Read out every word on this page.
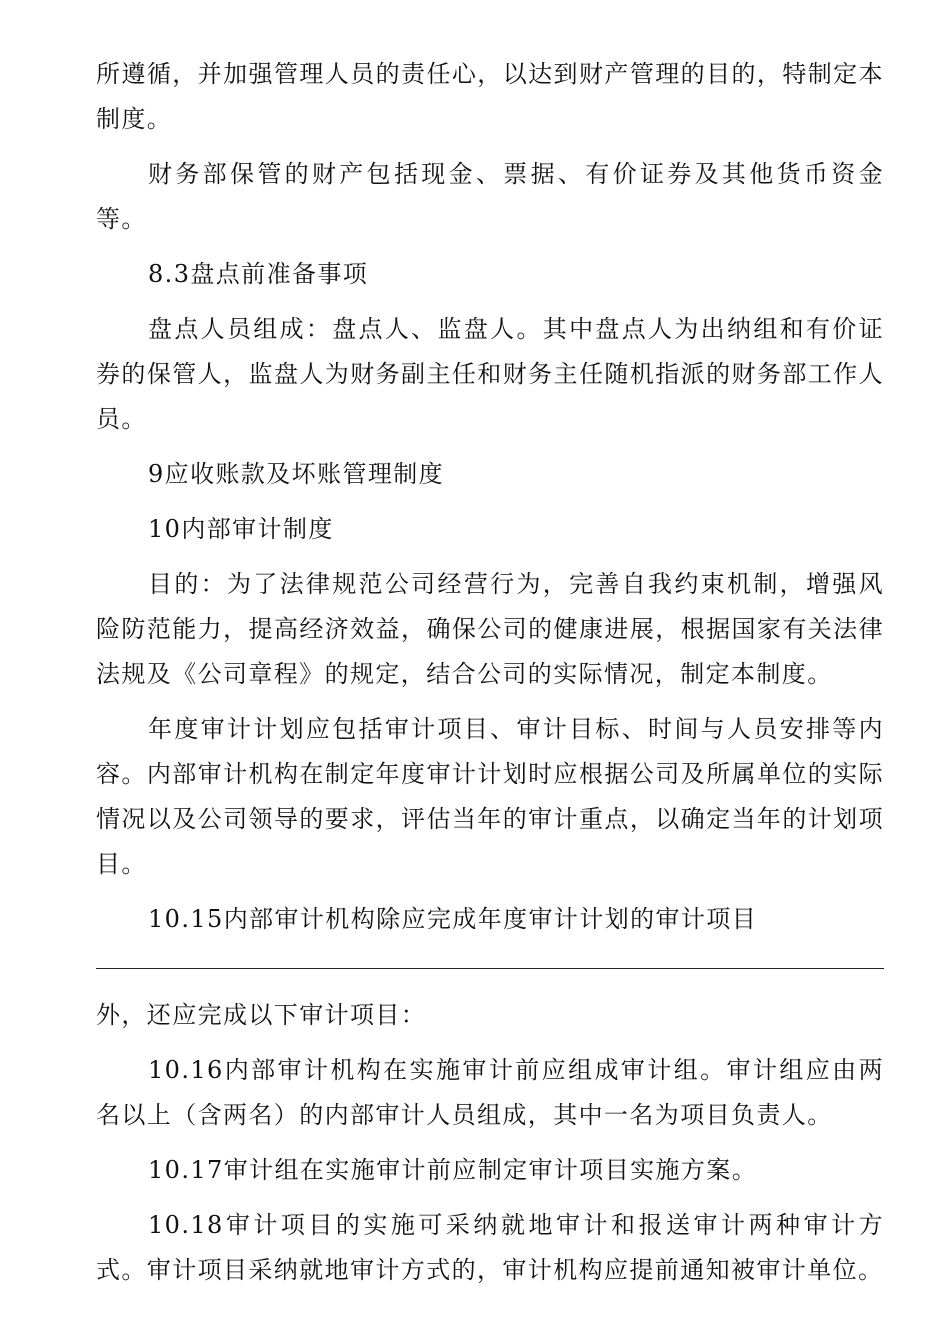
所遵循，并加强管理人员的责任心，以达到财产管理的目的，特制定本制度。

财务部保管的财产包括现金、票据、有价证券及其他货币资金等。

8.3盘点前准备事项

盘点人员组成：盘点人、监盘人。其中盘点人为出纳组和有价证券的保管人，监盘人为财务副主任和财务主任随机指派的财务部工作人员。

9应收账款及坏账管理制度

10内部审计制度

目的：为了法律规范公司经营行为，完善自我约束机制，增强风险防范能力，提高经济效益，确保公司的健康进展，根据国家有关法律法规及《公司章程》的规定，结合公司的实际情况，制定本制度。

年度审计计划应包括审计项目、审计目标、时间与人员安排等内容。内部审计机构在制定年度审计计划时应根据公司及所属单位的实际情况以及公司领导的要求，评估当年的审计重点，以确定当年的计划项目。

10.15内部审计机构除应完成年度审计计划的审计项目

外，还应完成以下审计项目：

10.16内部审计机构在实施审计前应组成审计组。审计组应由两名以上（含两名）的内部审计人员组成，其中一名为项目负责人。

10.17审计组在实施审计前应制定审计项目实施方案。

10.18审计项目的实施可采纳就地审计和报送审计两种审计方式。审计项目采纳就地审计方式的，审计机构应提前通知被审计单位。
